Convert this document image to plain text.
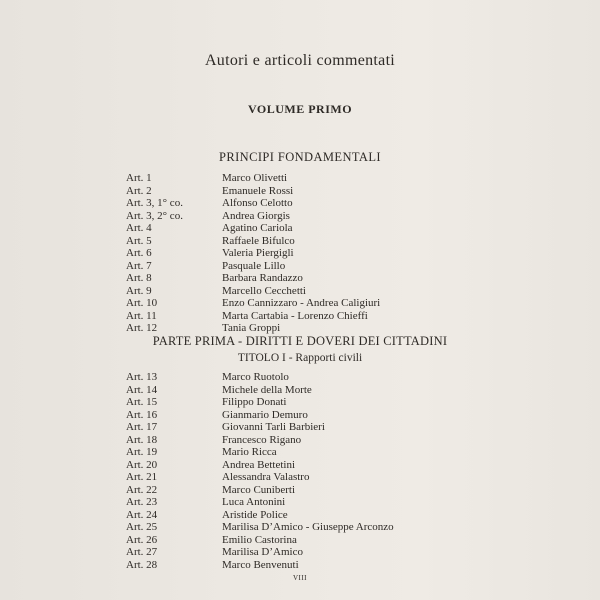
Autori e articoli commentati
VOLUME PRIMO
PRINCIPI FONDAMENTALI
Art. 1	Marco Olivetti
Art. 2	Emanuele Rossi
Art. 3, 1° co.	Alfonso Celotto
Art. 3, 2° co.	Andrea Giorgis
Art. 4	Agatino Cariola
Art. 5	Raffaele Bifulco
Art. 6	Valeria Piergigli
Art. 7	Pasquale Lillo
Art. 8	Barbara Randazzo
Art. 9	Marcello Cecchetti
Art. 10	Enzo Cannizzaro - Andrea Caligiuri
Art. 11	Marta Cartabia - Lorenzo Chieffi
Art. 12	Tania Groppi
PARTE PRIMA - DIRITTI E DOVERI DEI CITTADINI
TITOLO I - Rapporti civili
Art. 13	Marco Ruotolo
Art. 14	Michele della Morte
Art. 15	Filippo Donati
Art. 16	Gianmario Demuro
Art. 17	Giovanni Tarli Barbieri
Art. 18	Francesco Rigano
Art. 19	Mario Ricca
Art. 20	Andrea Bettetini
Art. 21	Alessandra Valastro
Art. 22	Marco Cuniberti
Art. 23	Luca Antonini
Art. 24	Aristide Police
Art. 25	Marilisa D’Amico - Giuseppe Arconzo
Art. 26	Emilio Castorina
Art. 27	Marilisa D’Amico
Art. 28	Marco Benvenuti
VIII
